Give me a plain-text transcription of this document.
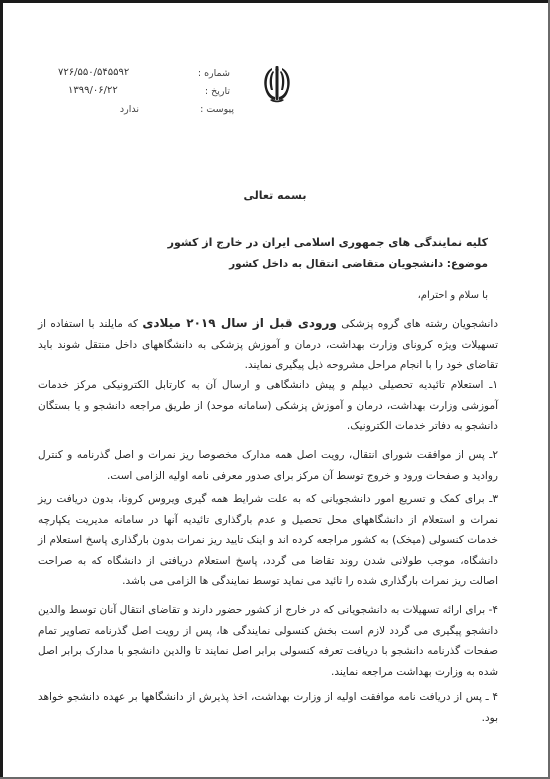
شماره :
۷۲۶/۵۵۰/۵۴۵۵۹۲
تاریخ :
۱۳۹۹/۰۶/۲۲
پیوست :
ندارد
بسمه تعالی
کلیه نمایندگی های جمهوری اسلامی ایران در خارج از کشور
موضوع: دانشجویان متقاضی انتقال به داخل کشور
با سلام و احترام،
دانشجویان رشته های گروه پزشکی ورودی قبل از سال ۲۰۱۹ میلادی که مایلند با استفاده از تسهیلات ویژه کرونای وزارت بهداشت، درمان و آموزش پزشکی به دانشگاههای داخل منتقل شوند باید تقاضای خود را با انجام مراحل مشروحه ذیل پیگیری نمایند.
۱ـ استعلام تائیدیه تحصیلی دیپلم و پیش دانشگاهی و ارسال آن به کارتابل الکترونیکی مرکز خدمات آموزشی وزارت بهداشت، درمان و آموزش پزشکی (سامانه موحد) از طریق مراجعه دانشجو و یا بستگان دانشجو به دفاتر خدمات الکترونیک.
۲ـ پس از موافقت شورای انتقال، رویت اصل همه مدارک مخصوصا ریز نمرات و اصل گذرنامه و کنترل روادید و صفحات ورود و خروج توسط آن مرکز برای صدور معرفی نامه اولیه الزامی است.
۳ـ برای کمک و تسریع امور دانشجویانی که به علت شرایط همه گیری ویروس کرونا، بدون دریافت ریز نمرات و استعلام از دانشگاههای محل تحصیل و عدم بارگذاری تائیدیه آنها در سامانه مدیریت یکپارچه خدمات کنسولی (میخک) به کشور مراجعه کرده اند و اینک تایید ریز نمرات بدون بارگذاری پاسخ استعلام از دانشگاه، موجب طولانی شدن روند تقاضا می گردد، پاسخ استعلام دریافتی از دانشگاه که به صراحت اصالت ریز نمرات بارگذاری شده را تائید می نماید توسط نمایندگی ها الزامی می باشد.
۴- برای ارائه تسهیلات به دانشجویانی که در خارج از کشور حضور دارند و تقاضای انتقال آنان توسط والدین دانشجو پیگیری می گردد لازم است بخش کنسولی نمایندگی ها، پس از رویت اصل گذرنامه تصاویر تمام صفحات گذرنامه دانشجو با دریافت تعرفه کنسولی برابر اصل نمایند تا والدین دانشجو با مدارک برابر اصل شده به وزارت بهداشت مراجعه نمایند.
۴ ـ پس از دریافت نامه موافقت اولیه از وزارت بهداشت، اخذ پذیرش از دانشگاهها بر عهده دانشجو خواهد بود.
